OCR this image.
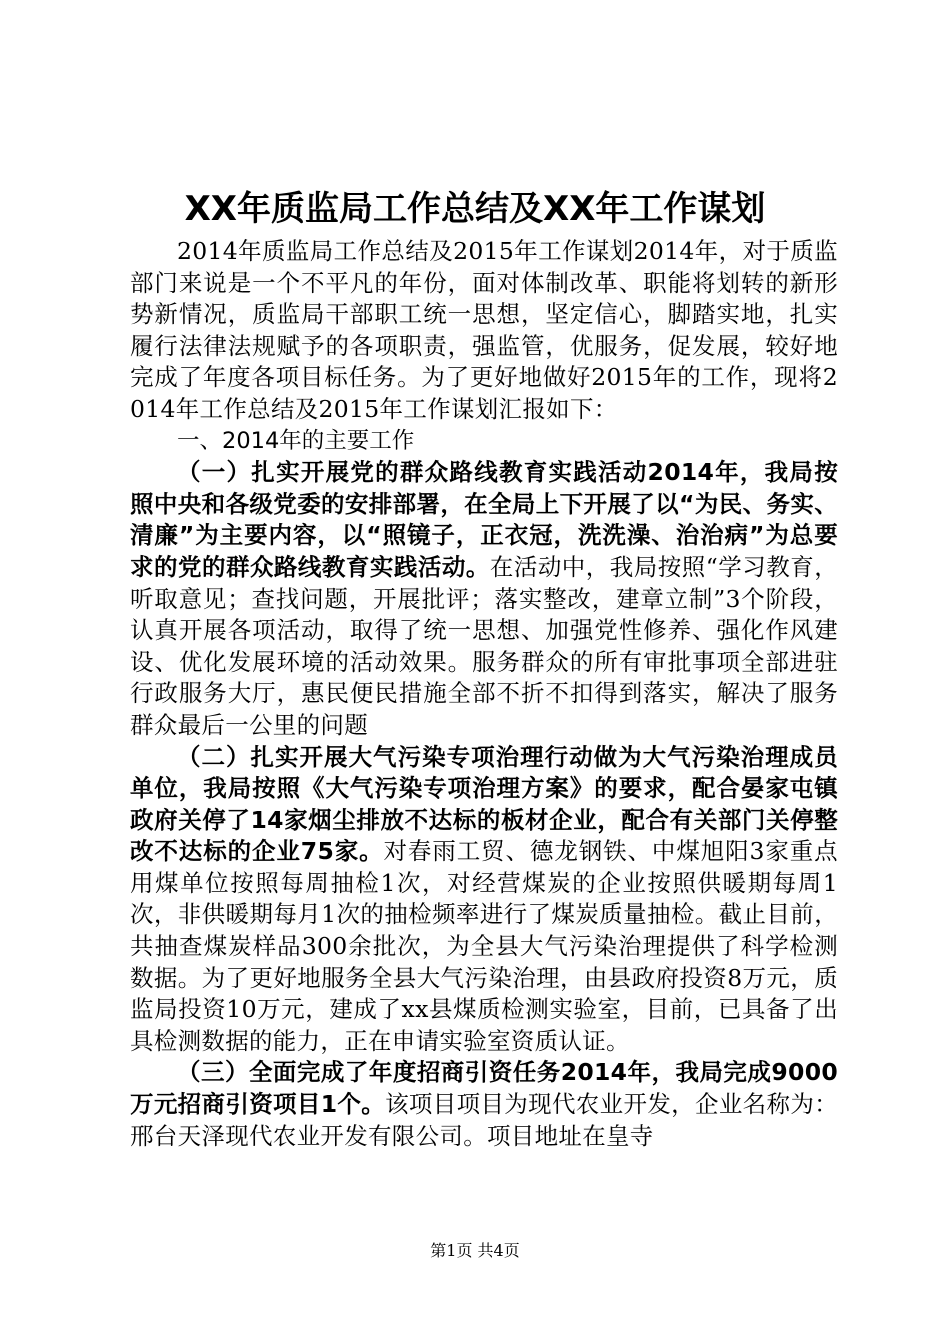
XX年质监局工作总结及XX年工作谋划

2014年质监局工作总结及2015年工作谋划2014年，对于质监部门来说是一个不平凡的年份，面对体制改革、职能将划转的新形势新情况，质监局干部职工统一思想，坚定信心，脚踏实地，扎实履行法律法规赋予的各项职责，强监管，优服务，促发展，较好地完成了年度各项目标任务。为了更好地做好2015年的工作，现将2014年工作总结及2015年工作谋划汇报如下：

一、2014年的主要工作

（一）扎实开展党的群众路线教育实践活动2014年，我局按照中央和各级党委的安排部署，在全局上下开展了以“为民、务实、清廉”为主要内容，以“照镜子，正衣冠，洗洗澡、治治病”为总要求的党的群众路线教育实践活动。在活动中，我局按照“学习教育，听取意见；查找问题，开展批评；落实整改，建章立制”3个阶段，认真开展各项活动，取得了统一思想、加强党性修养、强化作风建设、优化发展环境的活动效果。服务群众的所有审批事项全部进驻行政服务大厅，惠民便民措施全部不折不扣得到落实，解决了服务群众最后一公里的问题

（二）扎实开展大气污染专项治理行动做为大气污染治理成员单位，我局按照《大气污染专项治理方案》的要求，配合晏家屯镇政府关停了14家烟尘排放不达标的板材企业，配合有关部门关停整改不达标的企业75家。对春雨工贸、德龙钢铁、中煤旭阳3家重点用煤单位按照每周抽检1次，对经营煤炭的企业按照供暖期每周1次，非供暖期每月1次的抽检频率进行了煤炭质量抽检。截止目前，共抽查煤炭样品300余批次，为全县大气污染治理提供了科学检测数据。为了更好地服务全县大气污染治理，由县政府投资8万元，质监局投资10万元，建成了xx县煤质检测实验室，目前，已具备了出具检测数据的能力，正在申请实验室资质认证。

（三）全面完成了年度招商引资任务2014年，我局完成9000万元招商引资项目1个。该项目项目为现代农业开发，企业名称为：邢台天泽现代农业开发有限公司。项目地址在皇寺

第1页 共4页
